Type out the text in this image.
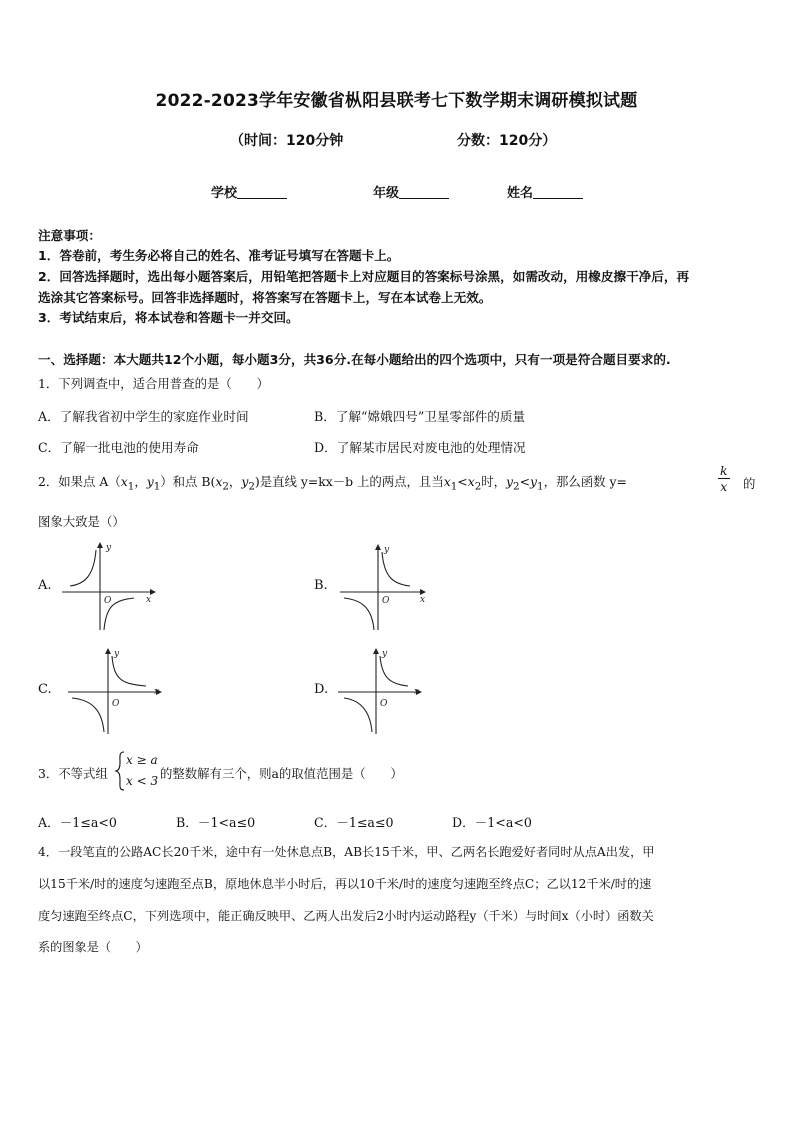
2022-2023学年安徽省枞阳县联考七下数学期末调研模拟试题
（时间：120分钟	分数：120分）
学校	年级	姓名
注意事项：
1．答卷前，考生务必将自己的姓名、准考证号填写在答题卡上。
2．回答选择题时，选出每小题答案后，用铅笔把答题卡上对应题目的答案标号涂黑，如需改动，用橡皮擦干净后，再
选涂其它答案标号。回答非选择题时，将答案写在答题卡上，写在本试卷上无效。
3．考试结束后，将本试卷和答题卡一并交回。
一、选择题：本大题共12个小题，每小题3分，共36分.在每小题给出的四个选项中，只有一项是符合题目要求的.
1．下列调查中，适合用普查的是（　　）
A．了解我省初中学生的家庭作业时间	B．了解“嫦娥四号”卫星零部件的质量
C．了解一批电池的使用寿命	D．了解某市居民对废电池的处理情况
2．如果点 $A(x_1$，$y_1$）和点 $B(x_2$，$y_2$)是直线 y=kx－b 上的两点，且当$x_1<x_2$时，$y_2<y_1$，那么函数 y=	$\frac{k}{x}$ 的
图象大致是（）
A.
y
x
O
B.
y
x
O
C.
y
x
O
D.
y
x
O
3．不等式组
x ≥ a
x < 3 的整数解有三个，则a的取值范围是（　　）
A．－1≤a<0	B．－1<a≤0	C．－1≤a≤0	D．－1<a<0
4．一段笔直的公路AC长20千米，途中有一处休息点B，AB长15千米，甲、乙两名长跑爱好者同时从点A出发，甲
以15千米/时的速度匀速跑至点B，原地休息半小时后，再以10千米/时的速度匀速跑至终点C；乙以12千米/时的速
度匀速跑至终点C，下列选项中，能正确反映甲、乙两人出发后2小时内运动路程y（千米）与时间x（小时）函数关
系的图象是（　　）
